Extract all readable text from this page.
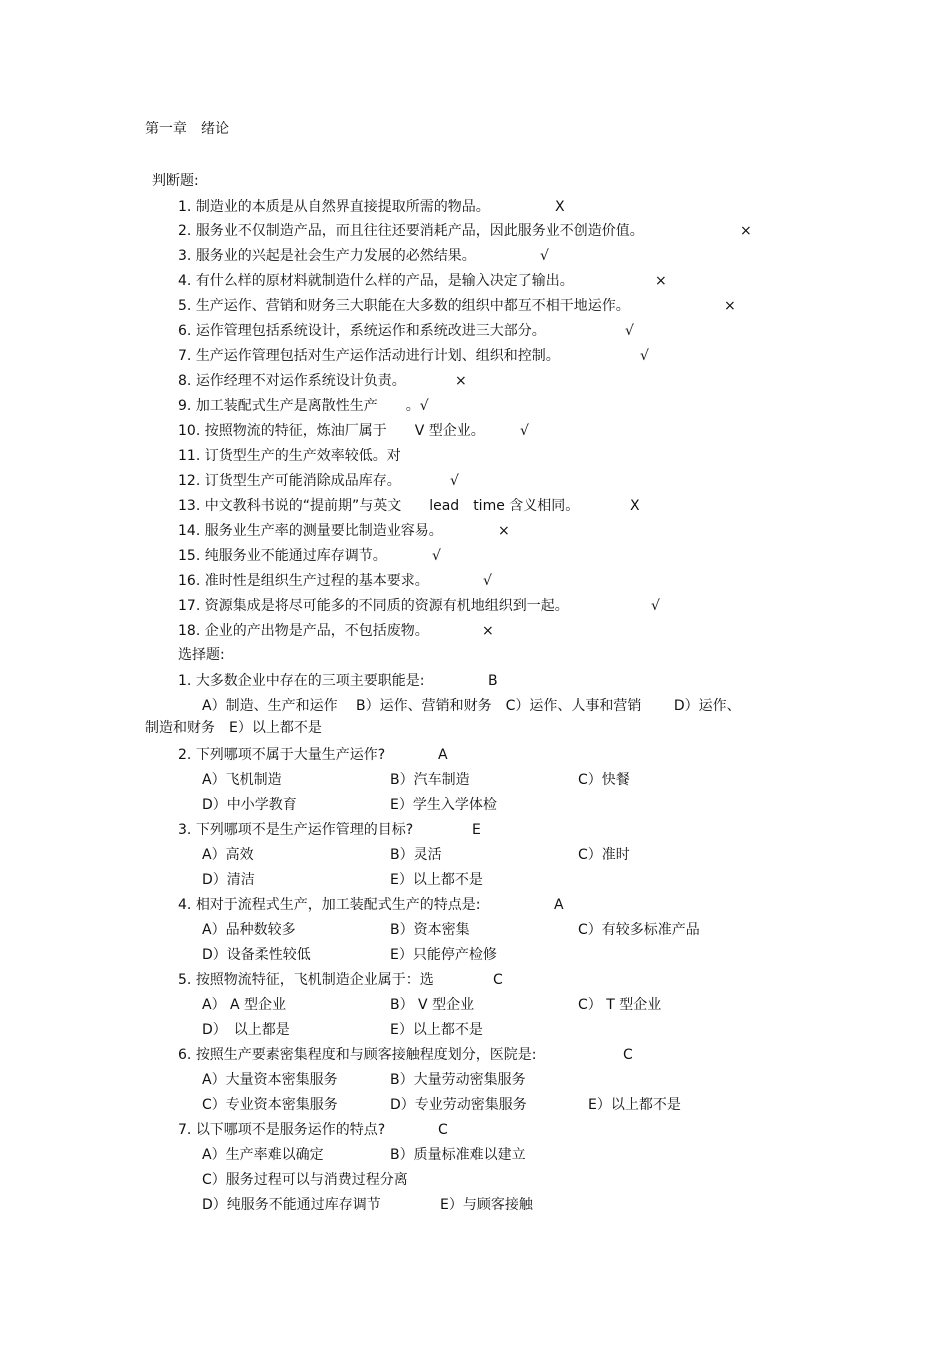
第一章　绪论
判断题:
1. 制造业的本质是从自然界直接提取所需的物品。	X
2. 服务业不仅制造产品，而且往往还要消耗产品，因此服务业不创造价值。	×
3. 服务业的兴起是社会生产力发展的必然结果。	√
4. 有什么样的原材料就制造什么样的产品，是输入决定了输出。	×
5. 生产运作、营销和财务三大职能在大多数的组织中都互不相干地运作。	×
6. 运作管理包括系统设计，系统运作和系统改进三大部分。	√
7. 生产运作管理包括对生产运作活动进行计划、组织和控制。	√
8. 运作经理不对运作系统设计负责。	×
9. 加工装配式生产是离散性生产　　。√
10. 按照物流的特征，炼油厂属于　　V 型企业。	√
11. 订货型生产的生产效率较低。对
12. 订货型生产可能消除成品库存。	√
13. 中文教科书说的“提前期”与英文　　lead　time 含义相同。	X
14. 服务业生产率的测量要比制造业容易。	×
15. 纯服务业不能通过库存调节。	√
16. 准时性是组织生产过程的基本要求。	√
17. 资源集成是将尽可能多的不同质的资源有机地组织到一起。	√
18. 企业的产出物是产品，不包括废物。	×
选择题:
1. 大多数企业中存在的三项主要职能是:	B
A）制造、生产和运作　 B）运作、营销和财务　C）运作、人事和营销　　 D）运作、
制造和财务　E）以上都不是
2. 下列哪项不属于大量生产运作?	A
A）飞机制造	B）汽车制造	C）快餐
D）中小学教育	E）学生入学体检
3. 下列哪项不是生产运作管理的目标?	E
A）高效	B）灵活	C）准时
D）清洁	E）以上都不是
4. 相对于流程式生产，加工装配式生产的特点是:	A
A）品种数较多	B）资本密集	C）有较多标准产品
D）设备柔性较低	E）只能停产检修
5. 按照物流特征，飞机制造企业属于：选	C
A） A 型企业	B） V 型企业	C） T 型企业
D）　以上都是	E）以上都不是
6. 按照生产要素密集程度和与顾客接触程度划分，医院是:	C
A）大量资本密集服务	B）大量劳动密集服务
C）专业资本密集服务	D）专业劳动密集服务	E）以上都不是
7. 以下哪项不是服务运作的特点?	C
A）生产率难以确定	B）质量标准难以建立
C）服务过程可以与消费过程分离
D）纯服务不能通过库存调节	E）与顾客接触
